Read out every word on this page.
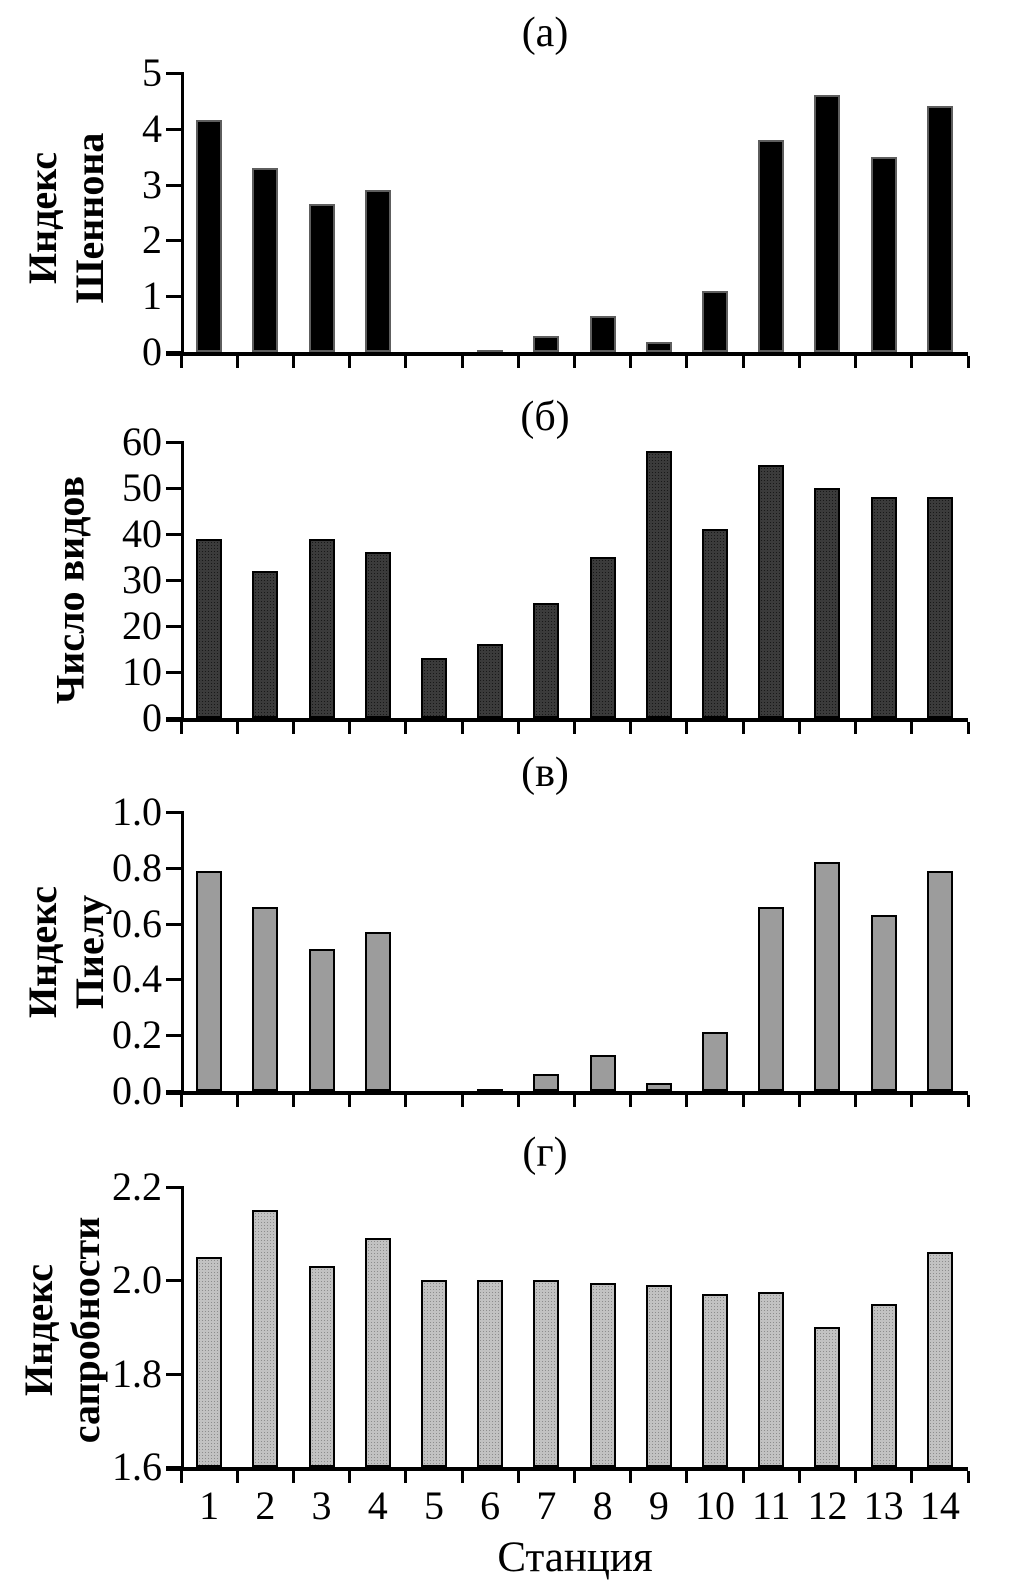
(а)
Индекс Шеннона
0
1
2
3
4
5
(б)
Число видов
0
10
20
30
40
50
60
(в)
Индекс Пиелу
0.0
0.2
0.4
0.6
0.8
1.0
(г)
Индекс сапробности
1.6
1.8
2.0
2.2
1 2 3 4 5 6 7 8 9 10 11 12 13 14
Станция
